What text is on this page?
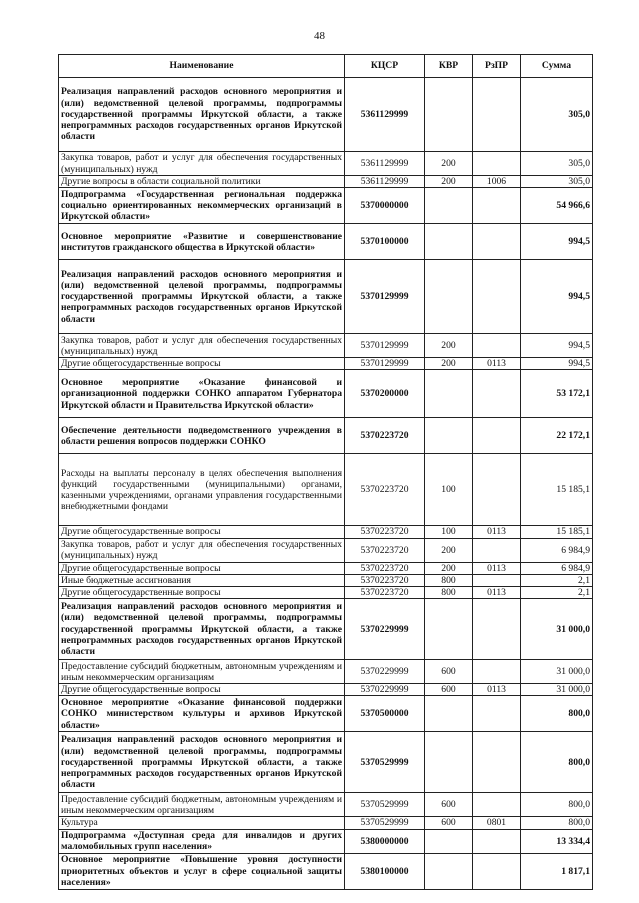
48
Наименование	КЦСР	КВР	РзПР	Сумма
Реализация направлений расходов основного мероприятия и (или) ведомственной целевой программы, подпрограммы государственной программы Иркутской области, а также непрограммных расходов государственных органов Иркутской области	5361129999			305,0
Закупка товаров, работ и услуг для обеспечения государственных (муниципальных) нужд	5361129999	200		305,0
Другие вопросы в области социальной политики	5361129999	200	1006	305,0
Подпрограмма «Государственная региональная поддержка социально ориентированных некоммерческих организаций в Иркутской области»	5370000000			54 966,6
Основное мероприятие «Развитие и совершенствование институтов гражданского общества в Иркутской области»	5370100000			994,5
Реализация направлений расходов основного мероприятия и (или) ведомственной целевой программы, подпрограммы государственной программы Иркутской области, а также непрограммных расходов государственных органов Иркутской области	5370129999			994,5
Закупка товаров, работ и услуг для обеспечения государственных (муниципальных) нужд	5370129999	200		994,5
Другие общегосударственные вопросы	5370129999	200	0113	994,5
Основное мероприятие «Оказание финансовой и организационной поддержки СОНКО аппаратом Губернатора Иркутской области и Правительства Иркутской области»	5370200000			53 172,1
Обеспечение деятельности подведомственного учреждения в области решения вопросов поддержки СОНКО	5370223720			22 172,1
Расходы на выплаты персоналу в целях обеспечения выполнения функций государственными (муниципальными) органами, казенными учреждениями, органами управления государственными внебюджетными фондами	5370223720	100		15 185,1
Другие общегосударственные вопросы	5370223720	100	0113	15 185,1
Закупка товаров, работ и услуг для обеспечения государственных (муниципальных) нужд	5370223720	200		6 984,9
Другие общегосударственные вопросы	5370223720	200	0113	6 984,9
Иные бюджетные ассигнования	5370223720	800		2,1
Другие общегосударственные вопросы	5370223720	800	0113	2,1
Реализация направлений расходов основного мероприятия и (или) ведомственной целевой программы, подпрограммы государственной программы Иркутской области, а также непрограммных расходов государственных органов Иркутской области	5370229999			31 000,0
Предоставление субсидий бюджетным, автономным учреждениям и иным некоммерческим организациям	5370229999	600		31 000,0
Другие общегосударственные вопросы	5370229999	600	0113	31 000,0
Основное мероприятие «Оказание финансовой поддержки СОНКО министерством культуры и архивов Иркутской области»	5370500000			800,0
Реализация направлений расходов основного мероприятия и (или) ведомственной целевой программы, подпрограммы государственной программы Иркутской области, а также непрограммных расходов государственных органов Иркутской области	5370529999			800,0
Предоставление субсидий бюджетным, автономным учреждениям и иным некоммерческим организациям	5370529999	600		800,0
Культура	5370529999	600	0801	800,0
Подпрограмма «Доступная среда для инвалидов и других маломобильных групп населения»	5380000000			13 334,4
Основное мероприятие «Повышение уровня доступности приоритетных объектов и услуг в сфере социальной защиты населения»	5380100000			1 817,1
